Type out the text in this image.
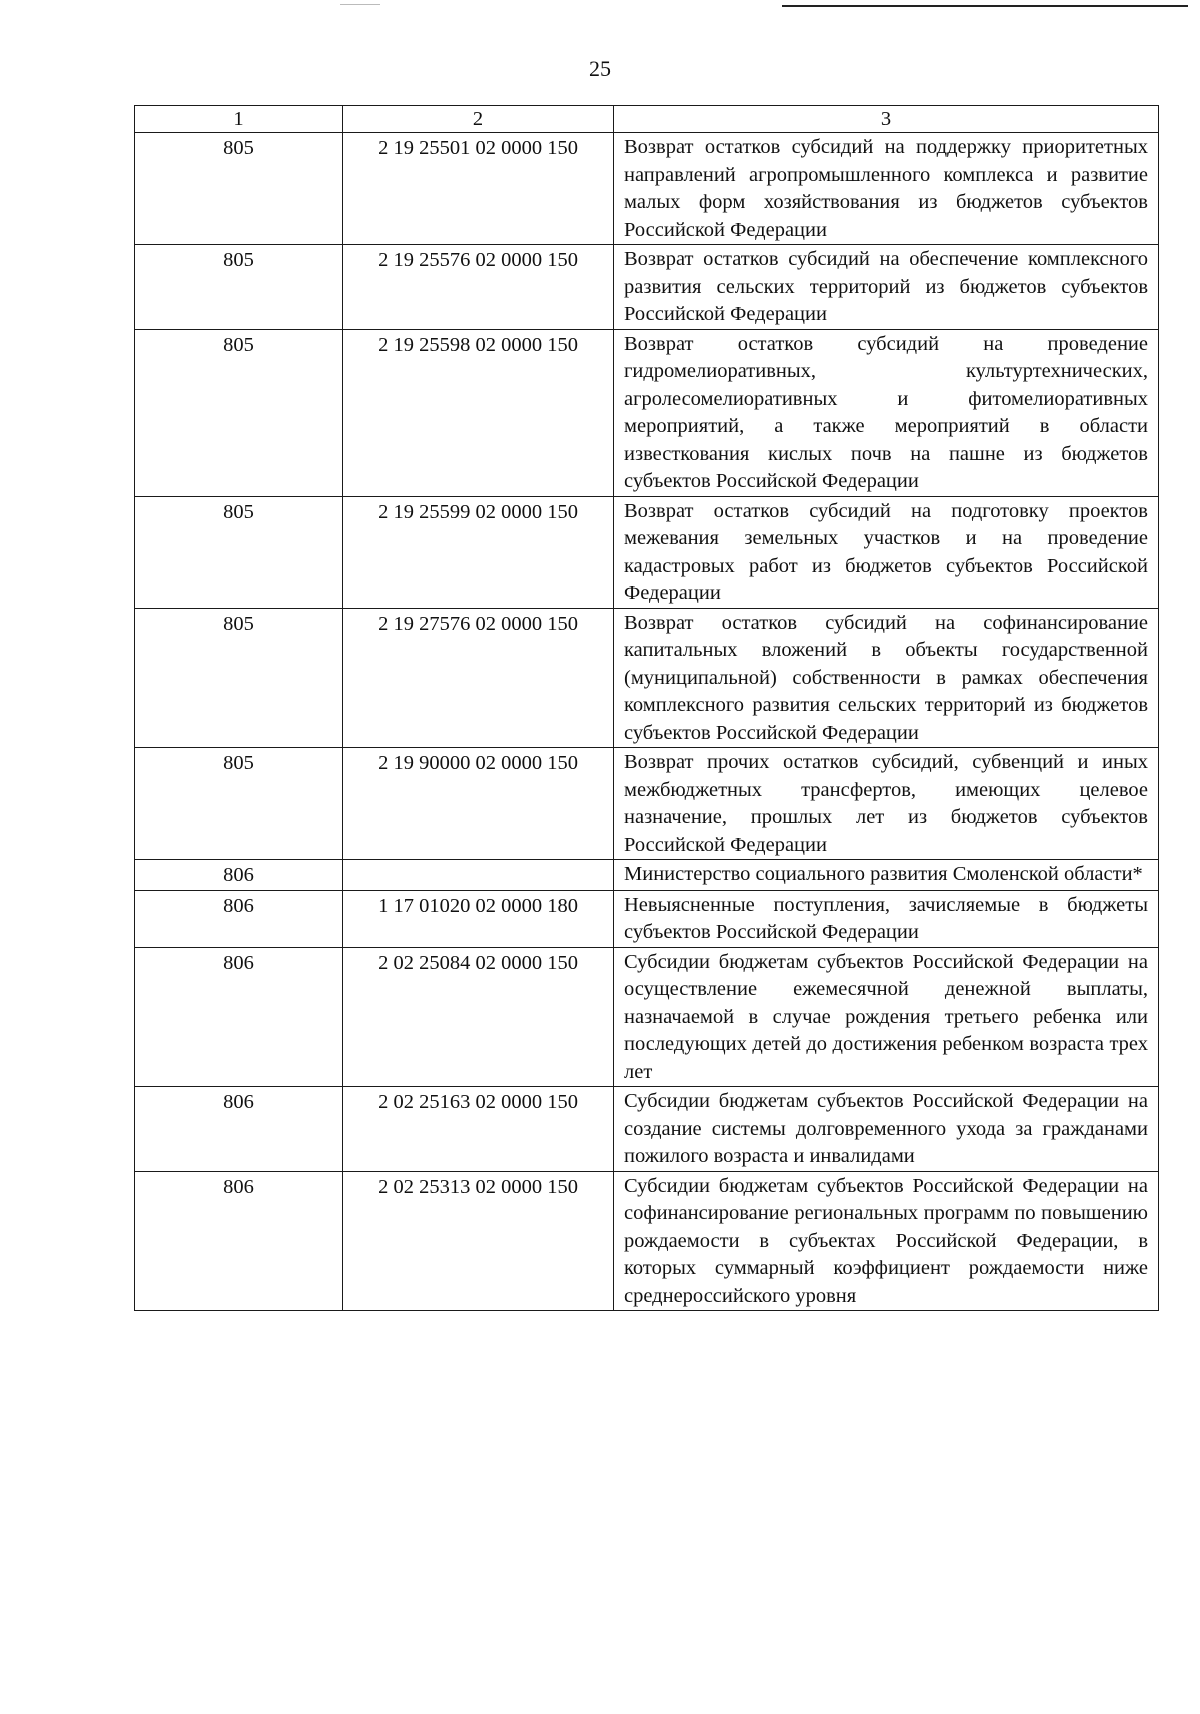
25
1	2	3
805	2 19 25501 02 0000 150	Возврат остатков субсидий на поддержку приоритетных направлений агропромышленного комплекса и развитие малых форм хозяйствования из бюджетов субъектов Российской Федерации
805	2 19 25576 02 0000 150	Возврат остатков субсидий на обеспечение комплексного развития сельских территорий из бюджетов субъектов Российской Федерации
805	2 19 25598 02 0000 150	Возврат остатков субсидий на проведение гидромелиоративных, культуртехнических, агролесомелиоративных и фитомелиоративных мероприятий, а также мероприятий в области известкования кислых почв на пашне из бюджетов субъектов Российской Федерации
805	2 19 25599 02 0000 150	Возврат остатков субсидий на подготовку проектов межевания земельных участков и на проведение кадастровых работ из бюджетов субъектов Российской Федерации
805	2 19 27576 02 0000 150	Возврат остатков субсидий на софинансирование капитальных вложений в объекты государственной (муниципальной) собственности в рамках обеспечения комплексного развития сельских территорий из бюджетов субъектов Российской Федерации
805	2 19 90000 02 0000 150	Возврат прочих остатков субсидий, субвенций и иных межбюджетных трансфертов, имеющих целевое назначение, прошлых лет из бюджетов субъектов Российской Федерации
806		Министерство социального развития Смоленской области*
806	1 17 01020 02 0000 180	Невыясненные поступления, зачисляемые в бюджеты субъектов Российской Федерации
806	2 02 25084 02 0000 150	Субсидии бюджетам субъектов Российской Федерации на осуществление ежемесячной денежной выплаты, назначаемой в случае рождения третьего ребенка или последующих детей до достижения ребенком возраста трех лет
806	2 02 25163 02 0000 150	Субсидии бюджетам субъектов Российской Федерации на создание системы долговременного ухода за гражданами пожилого возраста и инвалидами
806	2 02 25313 02 0000 150	Субсидии бюджетам субъектов Российской Федерации на софинансирование региональных программ по повышению рождаемости в субъектах Российской Федерации, в которых суммарный коэффициент рождаемости ниже среднероссийского уровня
